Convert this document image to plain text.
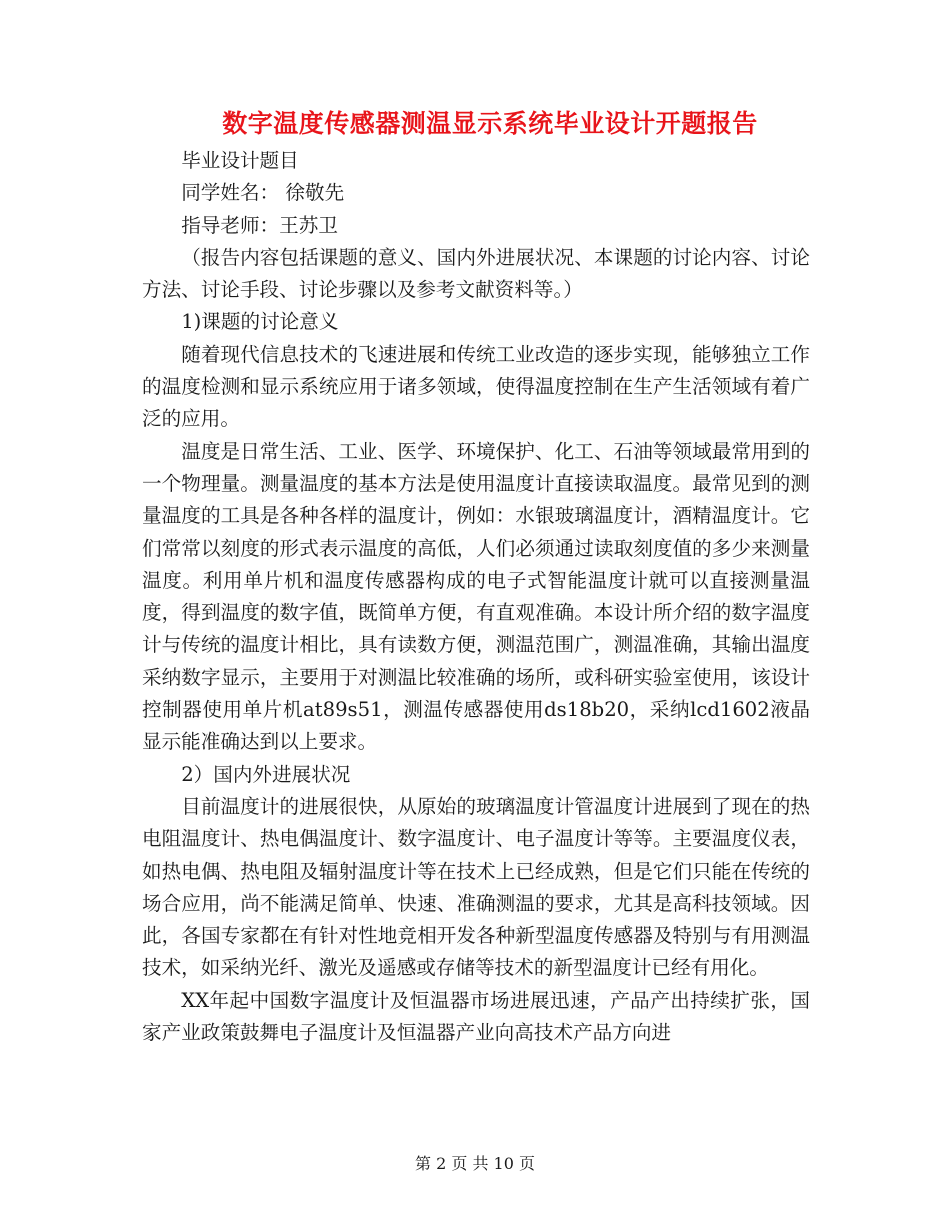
数字温度传感器测温显示系统毕业设计开题报告

毕业设计题目

同学姓名： 徐敬先

指导老师：王苏卫

（报告内容包括课题的意义、国内外进展状况、本课题的讨论内容、讨论方法、讨论手段、讨论步骤以及参考文献资料等。）

1)课题的讨论意义

随着现代信息技术的飞速进展和传统工业改造的逐步实现，能够独立工作的温度检测和显示系统应用于诸多领域，使得温度控制在生产生活领域有着广泛的应用。

温度是日常生活、工业、医学、环境保护、化工、石油等领域最常用到的一个物理量。测量温度的基本方法是使用温度计直接读取温度。最常见到的测量温度的工具是各种各样的温度计，例如：水银玻璃温度计，酒精温度计。它们常常以刻度的形式表示温度的高低，人们必须通过读取刻度值的多少来测量温度。利用单片机和温度传感器构成的电子式智能温度计就可以直接测量温度，得到温度的数字值，既简单方便，有直观准确。本设计所介绍的数字温度计与传统的温度计相比，具有读数方便，测温范围广，测温准确，其输出温度采纳数字显示，主要用于对测温比较准确的场所，或科研实验室使用，该设计控制器使用单片机at89s51，测温传感器使用ds18b20，采纳lcd1602液晶显示能准确达到以上要求。

2）国内外进展状况

目前温度计的进展很快，从原始的玻璃温度计管温度计进展到了现在的热电阻温度计、热电偶温度计、数字温度计、电子温度计等等。主要温度仪表，如热电偶、热电阻及辐射温度计等在技术上已经成熟，但是它们只能在传统的场合应用，尚不能满足简单、快速、准确测温的要求，尤其是高科技领域。因此，各国专家都在有针对性地竞相开发各种新型温度传感器及特别与有用测温技术，如采纳光纤、激光及遥感或存储等技术的新型温度计已经有用化。

XX年起中国数字温度计及恒温器市场进展迅速，产品产出持续扩张，国家产业政策鼓舞电子温度计及恒温器产业向高技术产品方向进

第 2 页 共 10 页
